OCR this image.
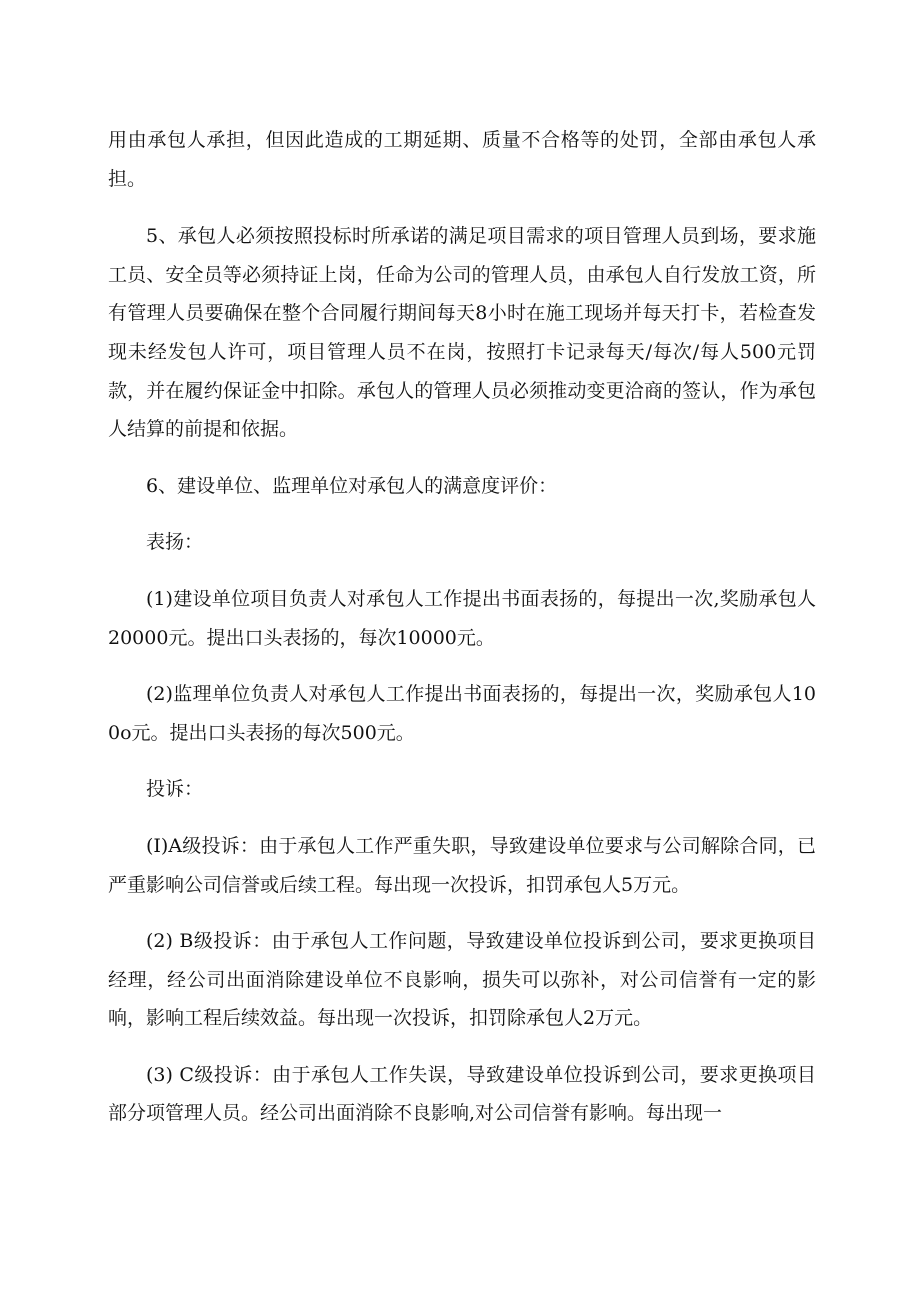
用由承包人承担，但因此造成的工期延期、质量不合格等的处罚，全部由承包人承担。

5、承包人必须按照投标时所承诺的满足项目需求的项目管理人员到场，要求施工员、安全员等必须持证上岗，任命为公司的管理人员，由承包人自行发放工资，所有管理人员要确保在整个合同履行期间每天8小时在施工现场并每天打卡，若检查发现未经发包人许可，项目管理人员不在岗，按照打卡记录每天/每次/每人500元罚款，并在履约保证金中扣除。承包人的管理人员必须推动变更洽商的签认，作为承包人结算的前提和依据。

6、建设单位、监理单位对承包人的满意度评价：

表扬：

(1)建设单位项目负责人对承包人工作提出书面表扬的，每提出一次,奖励承包人20000元。提出口头表扬的，每次10000元。

(2)监理单位负责人对承包人工作提出书面表扬的，每提出一次，奖励承包人100o元。提出口头表扬的每次500元。

投诉：

(I)A级投诉：由于承包人工作严重失职，导致建设单位要求与公司解除合同，已严重影响公司信誉或后续工程。每出现一次投诉，扣罚承包人5万元。

(2) B级投诉：由于承包人工作问题，导致建设单位投诉到公司，要求更换项目经理，经公司出面消除建设单位不良影响，损失可以弥补，对公司信誉有一定的影响，影响工程后续效益。每出现一次投诉，扣罚除承包人2万元。

(3) C级投诉：由于承包人工作失误，导致建设单位投诉到公司，要求更换项目部分项管理人员。经公司出面消除不良影响,对公司信誉有影响。每出现一
